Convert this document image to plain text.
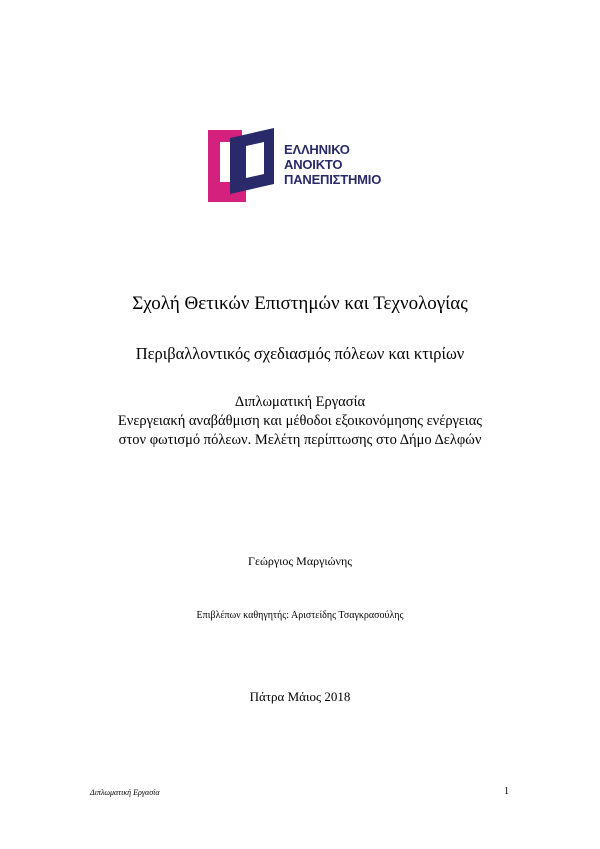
ΕΛΛΗΝΙΚΟ
ΑΝΟΙΚΤΟ
ΠΑΝΕΠΙΣΤΗΜΙΟ
Σχολή Θετικών Επιστημών και Τεχνολογίας
Περιβαλλοντικός σχεδιασμός πόλεων και κτιρίων
Διπλωματική Εργασία
Ενεργειακή αναβάθμιση και μέθοδοι εξοικονόμησης ενέργειας
στον φωτισμό πόλεων. Μελέτη περίπτωσης στο Δήμο Δελφών
Γεώργιος Μαργιώνης
Επιβλέπων καθηγητής: Αριστείδης Τσαγκρασούλης
Πάτρα Μάιος 2018
Διπλωματική Εργασία	1
